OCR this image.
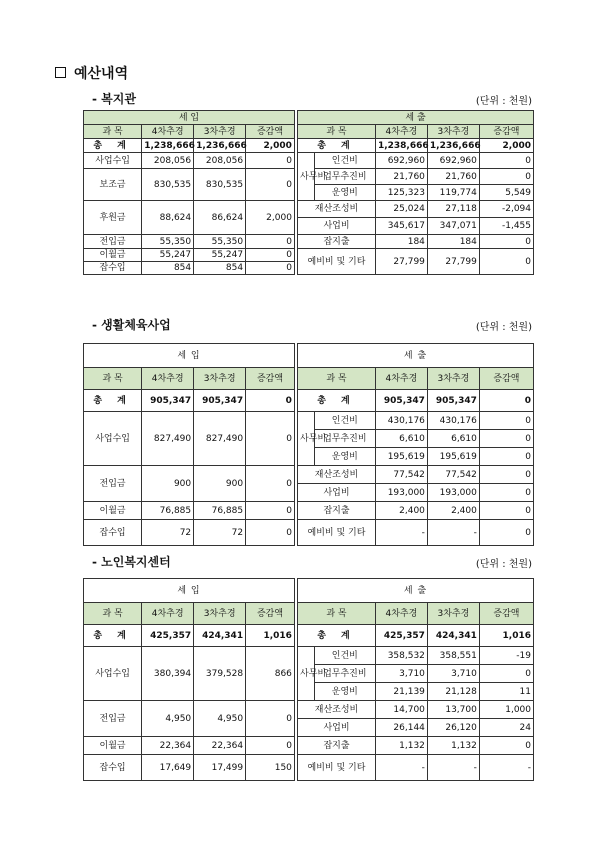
예산내역
- 복지관	(단위 : 천원)
- 생활체육사업	(단위 : 천원)
- 노인복지센터	(단위 : 천원)
세 입					세 출				
과 목	4차추경	3차추경	증감액		과 목		4차추경	3차추경	증감액
총 계	1,238,666	1,236,666	2,000		총 계		1,238,666	1,236,666	2,000
사업수입	208,056	208,056	0		사무비	인건비	692,960	692,960	0
보조금	830,535	830,535	0			업무추진비	21,760	21,760	0
						운영비	125,323	119,774	5,549
후원금	88,624	86,624	2,000		재산조성비		25,024	27,118	-2,094
					사업비		345,617	347,071	-1,455
전입금	55,350	55,350	0		잡지출		184	184	0
이월금	55,247	55,247	0		예비비 및 기타		27,799	27,799	0
잡수입	854	854	0						
세 입					세 출				
과 목	4차추경	3차추경	증감액		과 목		4차추경	3차추경	증감액
총 계	905,347	905,347	0		총 계		905,347	905,347	0
사업수입	827,490	827,490	0		사무비	인건비	430,176	430,176	0
						업무추진비	6,610	6,610	0
						운영비	195,619	195,619	0
전입금	900	900	0		재산조성비		77,542	77,542	0
					사업비		193,000	193,000	0
이월금	76,885	76,885	0		잡지출		2,400	2,400	0
잡수입	72	72	0		예비비 및 기타		-	-	0
세 입					세 출				
과 목	4차추경	3차추경	증감액		과 목		4차추경	3차추경	증감액
총 계	425,357	424,341	1,016		총 계		425,357	424,341	1,016
사업수입	380,394	379,528	866		사무비	인건비	358,532	358,551	-19
						업무추진비	3,710	3,710	0
						운영비	21,139	21,128	11
전입금	4,950	4,950	0		재산조성비		14,700	13,700	1,000
					사업비		26,144	26,120	24
이월금	22,364	22,364	0		잡지출		1,132	1,132	0
잡수입	17,649	17,499	150		예비비 및 기타		-	-	-
